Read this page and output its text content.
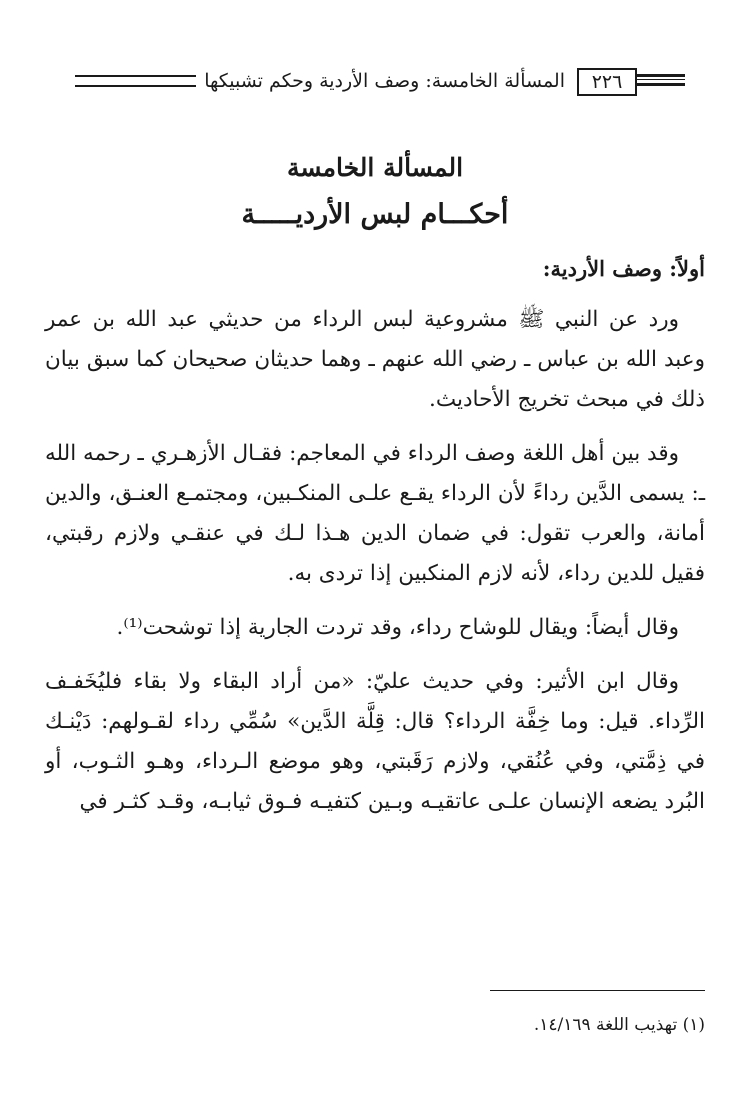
٢٢٦
المسألة الخامسة: وصف الأردية وحكم تشبيكها
المسألة الخامسة
أحكـــام لبس الأرديـــــة
أولاً: وصف الأردية:

ورد عن النبي ﷺ مشروعية لبس الرداء من حديثي عبد الله بن عمر وعبد الله بن عباس ـ رضي الله عنهم ـ وهما حديثان صحيحان كما سبق بيان ذلك في مبحث تخريج الأحاديث.

وقد بين أهل اللغة وصف الرداء في المعاجم: فقـال الأزهـري ـ رحمه الله ـ: يسمى الدَّين رداءً لأن الرداء يقـع علـى المنكـبين، ومجتمـع العنـق، والدين أمانة، والعرب تقول: في ضمان الدين هـذا لـك في عنقـي ولازم رقبتي، فقيل للدين رداء، لأنه لازم المنكبين إذا تردى به.

وقال أيضاً: ويقال للوشاح رداء، وقد تردت الجارية إذا توشحت⁽¹⁾.

وقال ابن الأثير: وفي حديث عليّ: «من أراد البقاء ولا بقاء فليُخَفـف الرِّداء. قيل: وما خِفَّة الرداء؟ قال: قِلَّة الدَّين» سُمِّي رداء لقـولهم: دَيْنـك في ذِمَّتي، وفي عُنُقي، ولازم رَقَبتي، وهو موضع الـرداء، وهـو الثـوب، أو البُرد يضعه الإنسان علـى عاتقيـه وبـين كتفيـه فـوق ثيابـه، وقـد كثـر في

(١) تهذيب اللغة ١٤/١٦٩.
